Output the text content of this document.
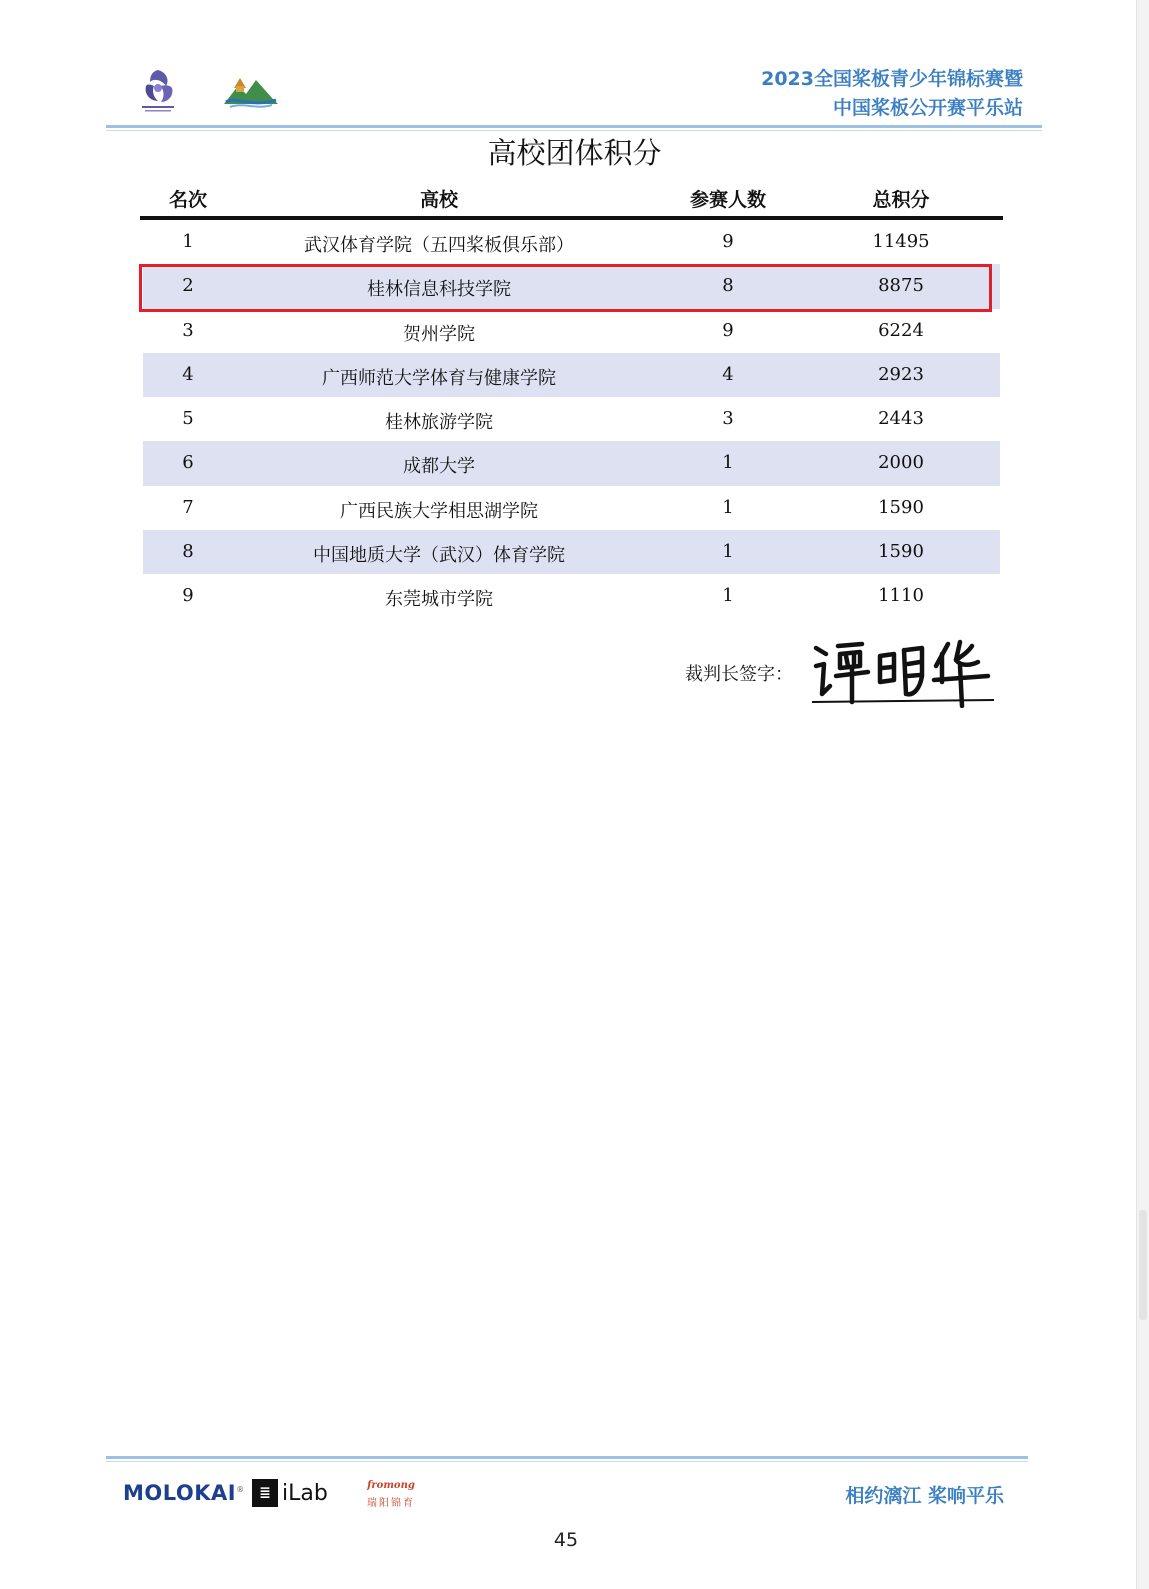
2023全国桨板青少年锦标赛暨
中国桨板公开赛平乐站
高校团体积分
名次	高校	参赛人数	总积分
1	武汉体育学院（五四桨板俱乐部）	9	11495
2	桂林信息科技学院	8	8875
3	贺州学院	9	6224
4	广西师范大学体育与健康学院	4	2923
5	桂林旅游学院	3	2443
6	成都大学	1	2000
7	广西民族大学相思湖学院	1	1590
8	中国地质大学（武汉）体育学院	1	1590
9	东莞城市学院	1	1110
裁判长签字：
MOLOKAI®	≣ iLab	fromong
瑞阳锦育	相约漓江 桨响平乐
45
